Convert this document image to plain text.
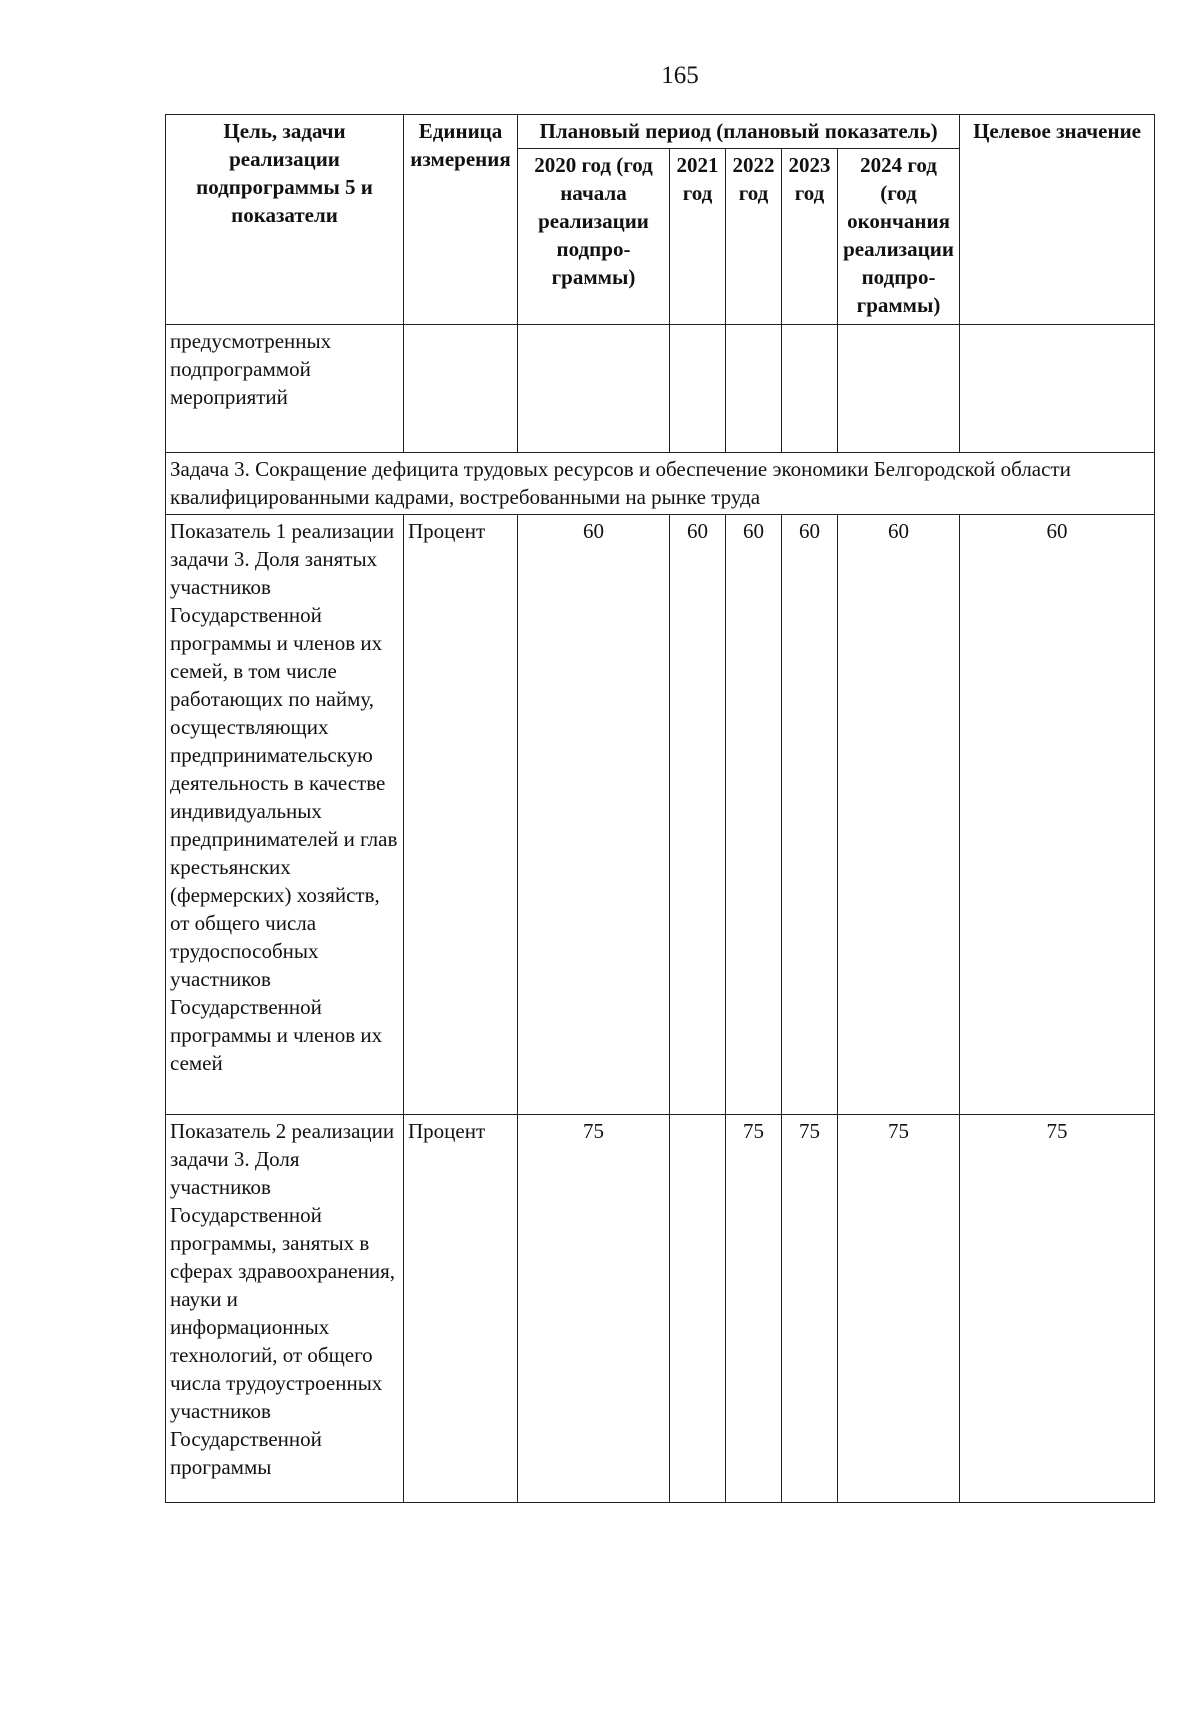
165
Цель, задачи реализации подпрограммы 5 и показатели	Единица измерения	Плановый период (плановый показатель)					Целевое значение
		2020 год (год начала реализации подпро-граммы)	2021 год	2022 год	2023 год	2024 год (год окончания реализации подпро-граммы)	
предусмотренных подпрограммой мероприятий							
Задача 3. Сокращение дефицита трудовых ресурсов и обеспечение экономики Белгородской области квалифицированными кадрами, востребованными на рынке труда							
Показатель 1 реализации задачи 3. Доля занятых участников Государственной программы и членов их семей, в том числе работающих по найму, осуществляющих предпринимательскую деятельность в качестве индивидуальных предпринимателей и глав крестьянских (фермерских) хозяйств, от общего числа трудоспособных участников Государственной программы и членов их семей	Процент	60	60	60	60	60	60
Показатель 2 реализации задачи 3. Доля участников Государственной программы, занятых в сферах здравоохранения, науки и информационных технологий, от общего числа трудоустроенных участников Государственной программы	Процент	75		75	75	75	75
